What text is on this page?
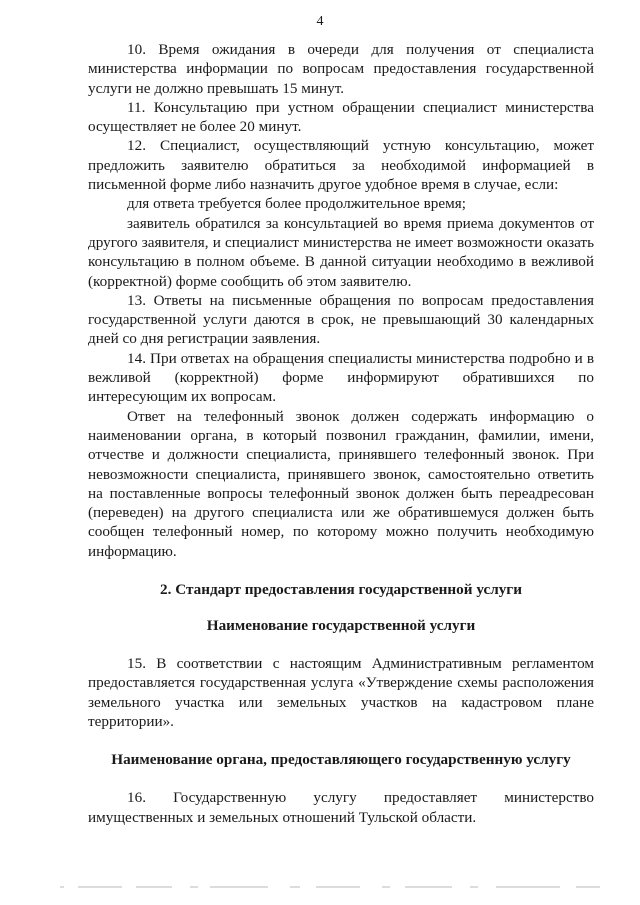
4

10. Время ожидания в очереди для получения от специалиста министерства информации по вопросам предоставления государственной услуги не должно превышать 15 минут.

11. Консультацию при устном обращении специалист министерства осуществляет не более 20 минут.

12. Специалист, осуществляющий устную консультацию, может предложить заявителю обратиться за необходимой информацией в письменной форме либо назначить другое удобное время в случае, если:

для ответа требуется более продолжительное время;

заявитель обратился за консультацией во время приема документов от другого заявителя, и специалист министерства не имеет возможности оказать консультацию в полном объеме. В данной ситуации необходимо в вежливой (корректной) форме сообщить об этом заявителю.

13. Ответы на письменные обращения по вопросам предоставления государственной услуги даются в срок, не превышающий 30 календарных дней со дня регистрации заявления.

14. При ответах на обращения специалисты министерства подробно и в вежливой (корректной) форме информируют обратившихся по интересующим их вопросам.

Ответ на телефонный звонок должен содержать информацию о наименовании органа, в который позвонил гражданин, фамилии, имени, отчестве и должности специалиста, принявшего телефонный звонок. При невозможности специалиста, принявшего звонок, самостоятельно ответить на поставленные вопросы телефонный звонок должен быть переадресован (переведен) на другого специалиста или же обратившемуся должен быть сообщен телефонный номер, по которому можно получить необходимую информацию.

2. Стандарт предоставления государственной услуги
Наименование государственной услуги

15. В соответствии с настоящим Административным регламентом предоставляется государственная услуга «Утверждение схемы расположения земельного участка или земельных участков на кадастровом плане территории».

Наименование органа, предоставляющего государственную услугу

16. Государственную услугу предоставляет министерство имущественных и земельных отношений Тульской области.
